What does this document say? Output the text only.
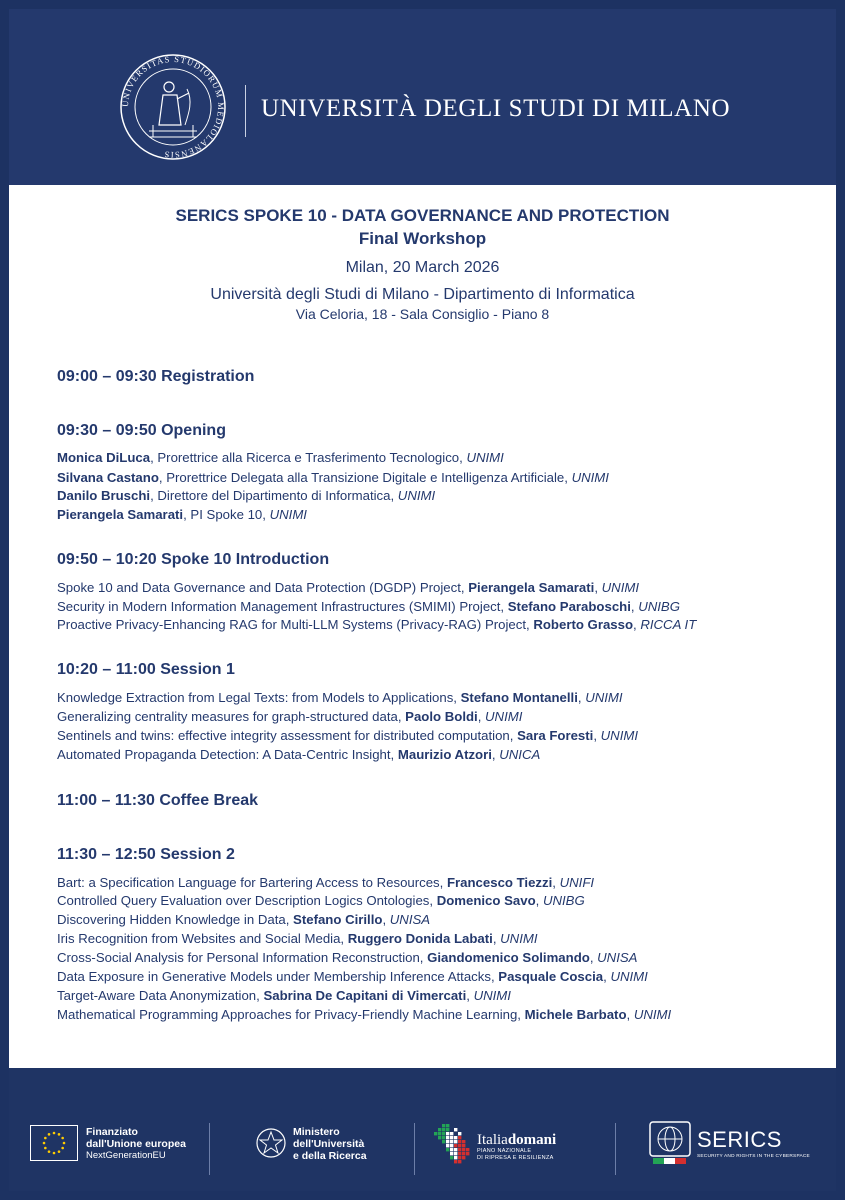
UNIVERSITAS STUDIORUM MEDIOLANENSIS
UNIVERSITÀ DEGLI STUDI DI MILANO
SERICS SPOKE 10 - DATA GOVERNANCE AND PROTECTION
Final Workshop
Milan, 20 March 2026
Università degli Studi di Milano - Dipartimento di Informatica
Via Celoria, 18 - Sala Consiglio - Piano 8
09:00 – 09:30 Registration
09:30 – 09:50 Opening
Monica DiLuca, Prorettrice alla Ricerca e Trasferimento Tecnologico, UNIMI
Silvana Castano, Prorettrice Delegata alla Transizione Digitale e Intelligenza Artificiale, UNIMI
Danilo Bruschi, Direttore del Dipartimento di Informatica, UNIMI
Pierangela Samarati, PI Spoke 10, UNIMI
09:50 – 10:20 Spoke 10 Introduction
Spoke 10 and Data Governance and Data Protection (DGDP) Project, Pierangela Samarati, UNIMI
Security in Modern Information Management Infrastructures (SMIMI) Project, Stefano Paraboschi, UNIBG
Proactive Privacy-Enhancing RAG for Multi-LLM Systems (Privacy-RAG) Project, Roberto Grasso, RICCA IT
10:20 – 11:00 Session 1
Knowledge Extraction from Legal Texts: from Models to Applications, Stefano Montanelli, UNIMI
Generalizing centrality measures for graph-structured data, Paolo Boldi, UNIMI
Sentinels and twins: effective integrity assessment for distributed computation, Sara Foresti, UNIMI
Automated Propaganda Detection: A Data-Centric Insight, Maurizio Atzori, UNICA
11:00 – 11:30 Coffee Break
11:30 – 12:50 Session 2
Bart: a Specification Language for Bartering Access to Resources, Francesco Tiezzi, UNIFI
Controlled Query Evaluation over Description Logics Ontologies, Domenico Savo, UNIBG
Discovering Hidden Knowledge in Data, Stefano Cirillo, UNISA
Iris Recognition from Websites and Social Media, Ruggero Donida Labati, UNIMI
Cross-Social Analysis for Personal Information Reconstruction, Giandomenico Solimando, UNISA
Data Exposure in Generative Models under Membership Inference Attacks, Pasquale Coscia, UNIMI
Target-Aware Data Anonymization, Sabrina De Capitani di Vimercati, UNIMI
Mathematical Programming Approaches for Privacy-Friendly Machine Learning, Michele Barbato, UNIMI
Finanziato
dall'Unione europea
NextGenerationEU
Ministero
dell'Università
e della Ricerca
Italiadomani
PIANO NAZIONALE
DI RIPRESA E RESILIENZA
SERICS
SECURITY AND RIGHTS IN THE CYBERSPACE
